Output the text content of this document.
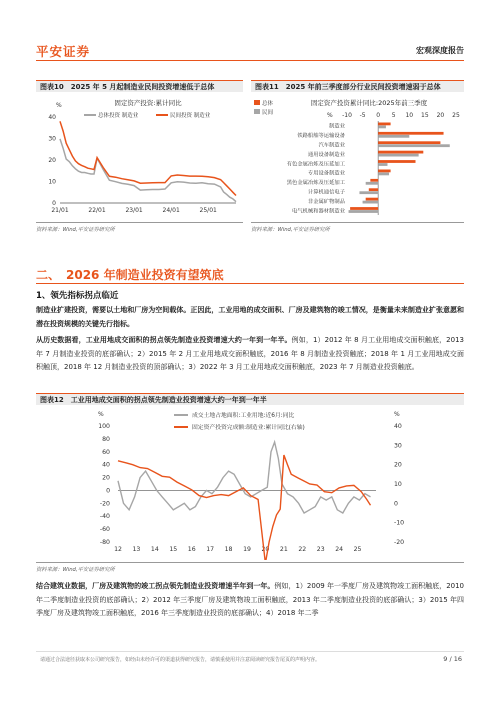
平安证券	宏观深度报告
图表10　2025 年 5 月起制造业民间投资增速低于总体
%	固定资产投资:累计同比
总体投资 制造业	民间投资 制造业
0
10
20
30
40
21/01	22/01	23/01	24/01	25/01
资料来源：Wind,平安证券研究所
图表11　2025 年前三季度部分行业民间投资增速弱于总体
固定资产投资累计同比:2025年前三季度
% -10 -5 0 5 10 15 20 25
总体
民间
制造业
铁路船舶等运输设备
汽车制造业
通用设备制造业
有色金属冶炼及压延加工
专用设备制造业
黑色金属冶炼及压延加工
计算机通信电子
非金属矿物制品
电气机械和器材制造业
资料来源：Wind,平安证券研究所
二、　2026 年制造业投资有望筑底
1、领先指标拐点临近
制造业扩建投资，需要以土地和厂房为空间载体。正因此，工业用地的成交面积、厂房及建筑物的竣工情况，是衡量未来制造业扩张意愿和潜在投资规模的关键先行指标。
从历史数据看，工业用地成交面积的拐点领先制造业投资增速大约一年到一年半。例如，1）2012 年 8 月工业用地成交面积触底，2013 年 7 月制造业投资的底部确认；2）2015 年 2 月工业用地成交面积触底，2016 年 8 月制造业投资触底；2018 年 1 月工业用地成交面积触顶，2018 年 12 月制造业投资的顶部确认；3）2022 年 3 月工业用地成交面积触底，2023 年 7 月制造业投资触底。
图表12　工业用地成交面积的拐点领先制造业投资增速大约一年到一年半
%	%
成交土地占地面积:工业用地:近6月:同比
固定资产投资完成额:制造业:累计同比(右轴)
-80
-60
-40
-20
0
20
40
60
80
100
-20
-10
0
10
20
30
40
12 13 14 15 16 17 18 19 20 21 22 23 24 25
资料来源：Wind,平安证券研究所
结合建筑业数据，厂房及建筑物的竣工拐点领先制造业投资增速半年到一年。例如，1）2009 年一季度厂房及建筑物竣工面积触底，2010 年二季度制造业投资的底部确认；2）2012 年三季度厂房及建筑物竣工面积触底，2013 年二季度制造业投资的底部确认；3）2015 年四季度厂房及建筑物竣工面积触底，2016 年三季度制造业投资的底部确认；4）2018 年二季
请通过合法途径获取本公司研究报告，如经由未经许可的渠道获得研究报告，请慎重使用并注意阅读研究报告尾页的声明内容。	9 / 16
